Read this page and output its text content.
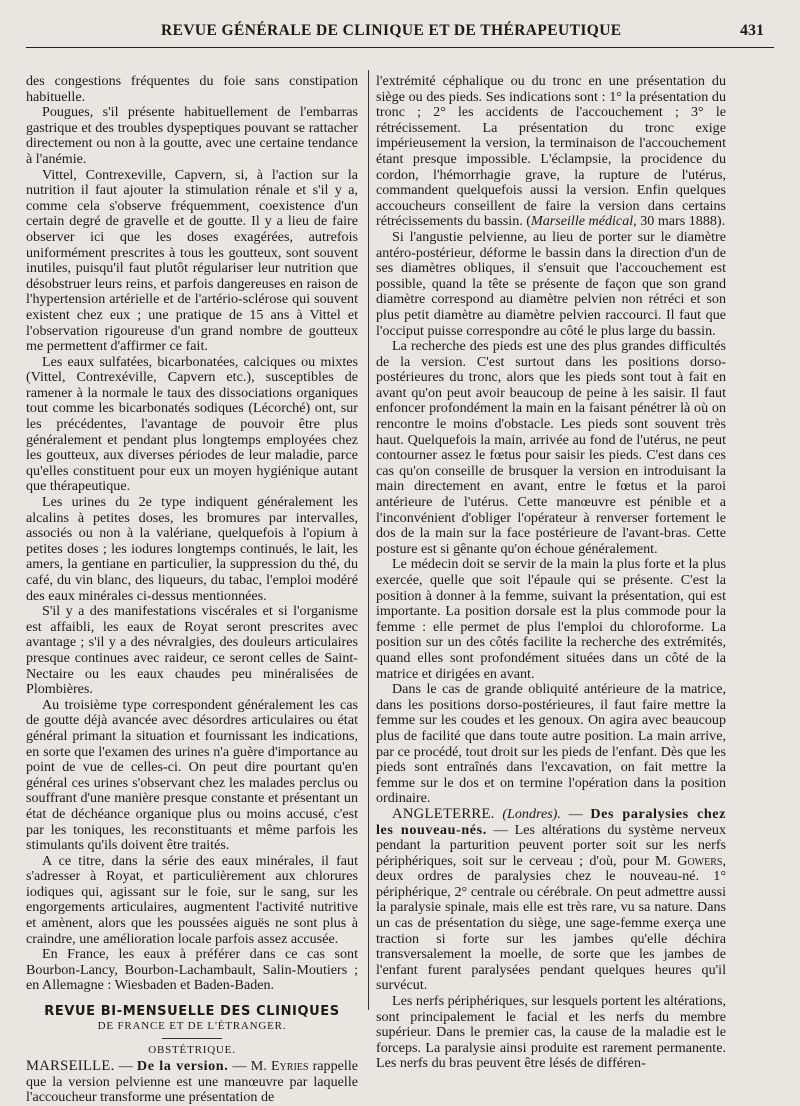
REVUE GÉNÉRALE DE CLINIQUE ET DE THÉRAPEUTIQUE	431

des congestions fréquentes du foie sans constipation habituelle.

Pougues, s'il présente habituellement de l'embarras gastrique et des troubles dyspeptiques pouvant se rattacher directement ou non à la goutte, avec une certaine tendance à l'anémie.

Vittel, Contrexeville, Capvern, si, à l'action sur la nutrition il faut ajouter la stimulation rénale et s'il y a, comme cela s'observe fréquemment, coexistence d'un certain degré de gravelle et de goutte. Il y a lieu de faire observer ici que les doses exagérées, autrefois uniformément prescrites à tous les goutteux, sont souvent inutiles, puisqu'il faut plutôt régulariser leur nutrition que désobstruer leurs reins, et parfois dangereuses en raison de l'hypertension artérielle et de l'artério-sclérose qui souvent existent chez eux ; une pratique de 15 ans à Vittel et l'observation rigoureuse d'un grand nombre de goutteux me permettent d'affirmer ce fait.

Les eaux sulfatées, bicarbonatées, calciques ou mixtes (Vittel, Contrexéville, Capvern etc.), susceptibles de ramener à la normale le taux des dissociations organiques tout comme les bicarbonatés sodiques (Lécorché) ont, sur les précédentes, l'avantage de pouvoir être plus généralement et pendant plus longtemps employées chez les goutteux, aux diverses périodes de leur maladie, parce qu'elles constituent pour eux un moyen hygiénique autant que thérapeutique.

Les urines du 2e type indiquent généralement les alcalins à petites doses, les bromures par intervalles, associés ou non à la valériane, quelquefois à l'opium à petites doses ; les iodures longtemps continués, le lait, les amers, la gentiane en particulier, la suppression du thé, du café, du vin blanc, des liqueurs, du tabac, l'emploi modéré des eaux minérales ci-dessus mentionnées.

S'il y a des manifestations viscérales et si l'organisme est affaibli, les eaux de Royat seront prescrites avec avantage ; s'il y a des névralgies, des douleurs articulaires presque continues avec raideur, ce seront celles de Saint-Nectaire ou les eaux chaudes peu minéralisées de Plombières.

Au troisième type correspondent généralement les cas de goutte déjà avancée avec désordres articulaires ou état général primant la situation et fournissant les indications, en sorte que l'examen des urines n'a guère d'importance au point de vue de celles-ci. On peut dire pourtant qu'en général ces urines s'observant chez les malades perclus ou souffrant d'une manière presque constante et présentant un état de déchéance organique plus ou moins accusé, c'est par les toniques, les reconstituants et même parfois les stimulants qu'ils doivent être traités.

A ce titre, dans la série des eaux minérales, il faut s'adresser à Royat, et particulièrement aux chlorures iodiques qui, agissant sur le foie, sur le sang, sur les engorgements articulaires, augmentent l'activité nutritive et amènent, alors que les poussées aiguës ne sont plus à craindre, une amélioration locale parfois assez accusée.

En France, les eaux à préférer dans ce cas sont Bourbon-Lancy, Bourbon-Lachambault, Salin-Moutiers ; en Allemagne : Wiesbaden et Baden-Baden.

REVUE BI-MENSUELLE DES CLINIQUES
DE FRANCE ET DE L'ÉTRANGER.
OBSTÉTRIQUE.

MARSEILLE. — De la version. — M. Eyries rappelle que la version pelvienne est une manœuvre par laquelle l'accoucheur transforme une présentation de

l'extrémité céphalique ou du tronc en une présentation du siège ou des pieds. Ses indications sont : 1° la présentation du tronc ; 2° les accidents de l'accouchement ; 3° le rétrécissement. La présentation du tronc exige impérieusement la version, la terminaison de l'accouchement étant presque impossible. L'éclampsie, la procidence du cordon, l'hémorrhagie grave, la rupture de l'utérus, commandent quelquefois aussi la version. Enfin quelques accoucheurs conseillent de faire la version dans certains rétrécissements du bassin. (Marseille médical, 30 mars 1888).

Si l'angustie pelvienne, au lieu de porter sur le diamètre antéro-postérieur, déforme le bassin dans la direction d'un de ses diamètres obliques, il s'ensuit que l'accouchement est possible, quand la tête se présente de façon que son grand diamètre correspond au diamètre pelvien non rétréci et son plus petit diamètre au diamètre pelvien raccourci. Il faut que l'occiput puisse correspondre au côté le plus large du bassin.

La recherche des pieds est une des plus grandes difficultés de la version. C'est surtout dans les positions dorso-postérieures du tronc, alors que les pieds sont tout à fait en avant qu'on peut avoir beaucoup de peine à les saisir. Il faut enfoncer profondément la main en la faisant pénétrer là où on rencontre le moins d'obstacle. Les pieds sont souvent très haut. Quelquefois la main, arrivée au fond de l'utérus, ne peut contourner assez le fœtus pour saisir les pieds. C'est dans ces cas qu'on conseille de brusquer la version en introduisant la main directement en avant, entre le fœtus et la paroi antérieure de l'utérus. Cette manœuvre est pénible et a l'inconvénient d'obliger l'opérateur à renverser fortement le dos de la main sur la face postérieure de l'avant-bras. Cette posture est si gênante qu'on échoue généralement.

Le médecin doit se servir de la main la plus forte et la plus exercée, quelle que soit l'épaule qui se présente. C'est la position à donner à la femme, suivant la présentation, qui est importante. La position dorsale est la plus commode pour la femme : elle permet de plus l'emploi du chloroforme. La position sur un des côtés facilite la recherche des extrémités, quand elles sont profondément situées dans un côté de la matrice et dirigées en avant.

Dans le cas de grande obliquité antérieure de la matrice, dans les positions dorso-postérieures, il faut faire mettre la femme sur les coudes et les genoux. On agira avec beaucoup plus de facilité que dans toute autre position. La main arrive, par ce procédé, tout droit sur les pieds de l'enfant. Dès que les pieds sont entraînés dans l'excavation, on fait mettre la femme sur le dos et on termine l'opération dans la position ordinaire.

ANGLETERRE. (Londres). — Des paralysies chez les nouveau-nés. — Les altérations du système nerveux pendant la parturition peuvent porter soit sur les nerfs périphériques, soit sur le cerveau ; d'où, pour M. Gowers, deux ordres de paralysies chez le nouveau-né. 1° périphérique, 2° centrale ou cérébrale. On peut admettre aussi la paralysie spinale, mais elle est très rare, vu sa nature. Dans un cas de présentation du siège, une sage-femme exerça une traction si forte sur les jambes qu'elle déchira transversalement la moelle, de sorte que les jambes de l'enfant furent paralysées pendant quelques heures qu'il survécut.

Les nerfs périphériques, sur lesquels portent les altérations, sont principalement le facial et les nerfs du membre supérieur. Dans le premier cas, la cause de la maladie est le forceps. La paralysie ainsi produite est rarement permanente. Les nerfs du bras peuvent être lésés de différen-
